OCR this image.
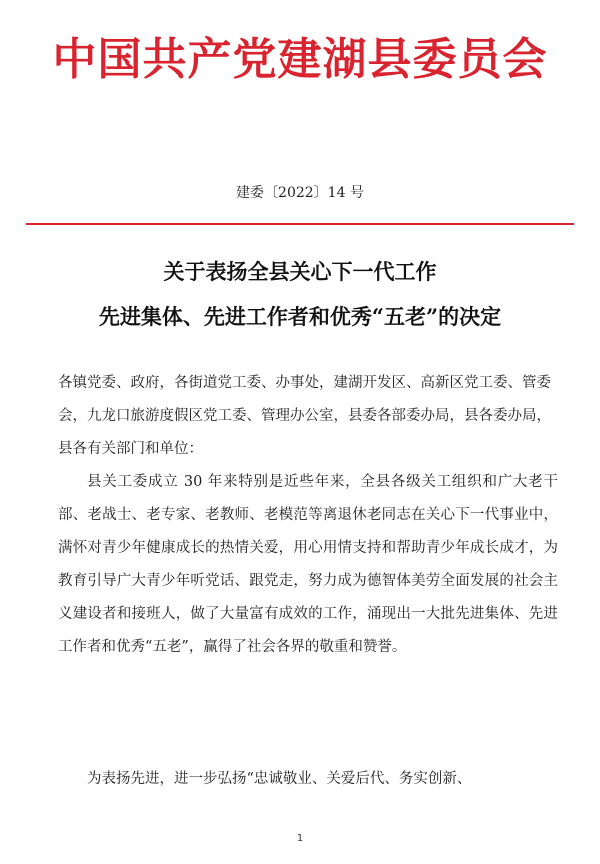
中国共产党建湖县委员会
建委〔2022〕14 号
关于表扬全县关心下一代工作
先进集体、先进工作者和优秀“五老”的决定
各镇党委、政府，各街道党工委、办事处，建湖开发区、高新区党工委、管委会，九龙口旅游度假区党工委、管理办公室，县委各部委办局，县各委办局，县各有关部门和单位：
县关工委成立 30 年来特别是近些年来，全县各级关工组织和广大老干部、老战士、老专家、老教师、老模范等离退休老同志在关心下一代事业中，满怀对青少年健康成长的热情关爱，用心用情支持和帮助青少年成长成才，为教育引导广大青少年听党话、跟党走，努力成为德智体美劳全面发展的社会主义建设者和接班人，做了大量富有成效的工作，涌现出一大批先进集体、先进工作者和优秀“五老”，赢得了社会各界的敬重和赞誉。
为表扬先进，进一步弘扬“忠诚敬业、关爱后代、务实创新、
1
